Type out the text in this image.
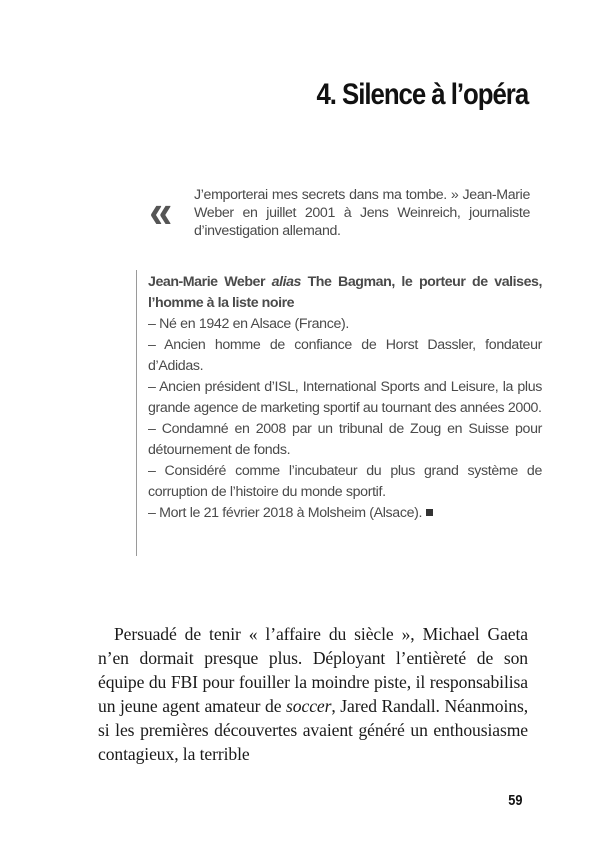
4. Silence à l’opéra
« J’emporterai mes secrets dans ma tombe. » Jean-Marie Weber en juillet 2001 à Jens Weinreich, journaliste d’investigation allemand.
Jean-Marie Weber alias The Bagman, le porteur de valises, l’homme à la liste noire
– Né en 1942 en Alsace (France).
– Ancien homme de confiance de Horst Dassler, fondateur d’Adidas.
– Ancien président d’ISL, International Sports and Leisure, la plus grande agence de marketing sportif au tournant des années 2000.
– Condamné en 2008 par un tribunal de Zoug en Suisse pour détournement de fonds.
– Considéré comme l’incubateur du plus grand système de corruption de l’histoire du monde sportif.
– Mort le 21 février 2018 à Molsheim (Alsace).

Persuadé de tenir « l’affaire du siècle », Michael Gaeta n’en dormait presque plus. Déployant l’entièreté de son équipe du FBI pour fouiller la moindre piste, il responsabilisa un jeune agent amateur de soccer, Jared Randall. Néanmoins, si les premières découvertes avaient généré un enthousiasme contagieux, la terrible

59
